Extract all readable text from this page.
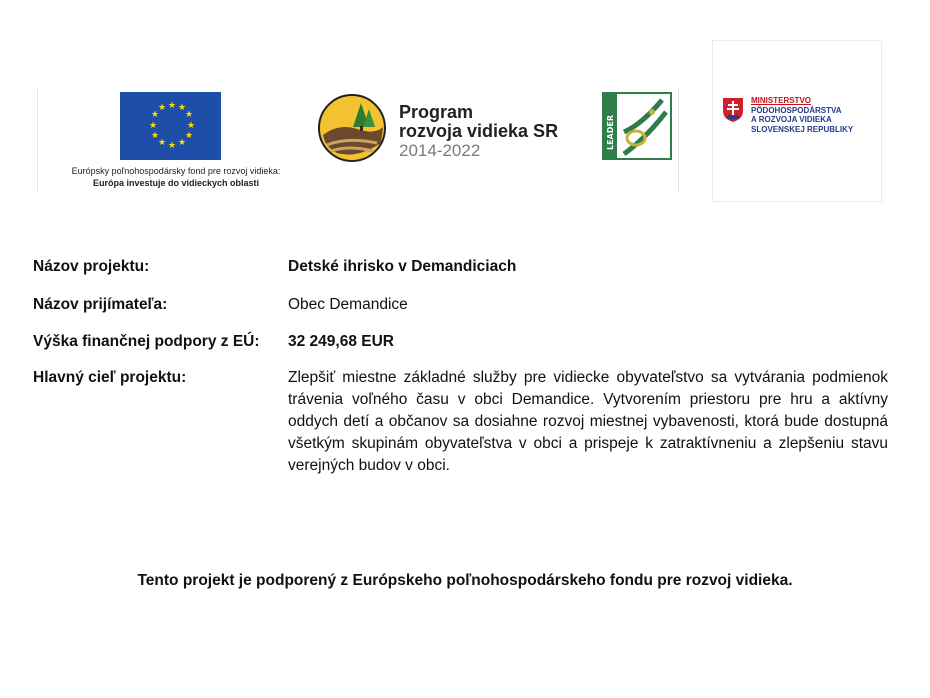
★ ★
★
★
★
★
★
★
★
★
★
★
Európsky poľnohospodársky fond pre rozvoj vidieka:
Európa investuje do vidieckych oblastí
Program
rozvoja vidieka SR
2014-2022
LEADER
MINISTERSTVO
PÔDOHOSPODÁRSTVA
A ROZVOJA VIDIEKA
SLOVENSKEJ REPUBLIKY
Názov projektu:	Detské ihrisko v Demandiciach
Názov prijímateľa:	Obec Demandice
Výška finančnej podpory z EÚ: 32 249,68 EUR
Hlavný cieľ projektu:	Zlepšiť miestne základné služby pre vidiecke obyvateľstvo sa vytvárania podmienok trávenia voľného času v obci Demandice. Vytvorením priestoru pre hru a aktívny oddych detí a občanov sa dosiahne rozvoj miestnej vybavenosti, ktorá bude dostupná všetkým skupinám obyvateľstva v obci a prispeje k zatraktívneniu a zlepšeniu stavu verejných budov v obci.
Tento projekt je podporený z Európskeho poľnohospodárskeho fondu pre rozvoj vidieka.
